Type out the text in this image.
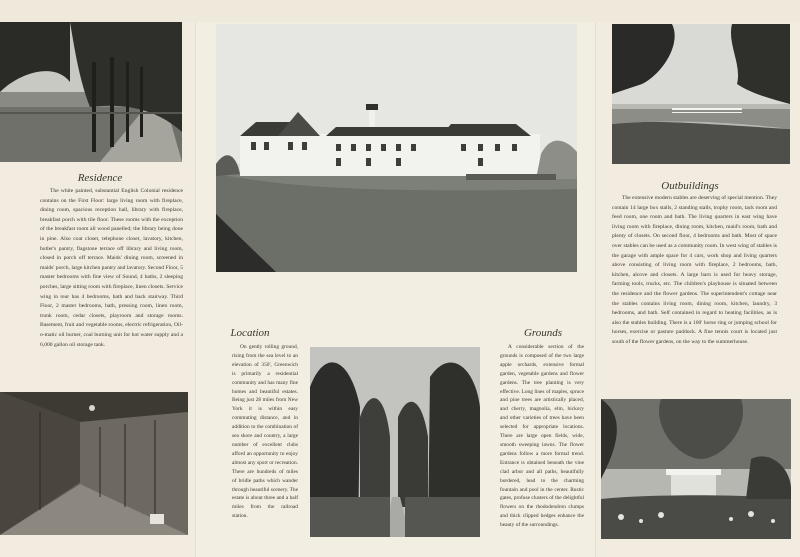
Residence

The white painted, substantial English Colonial residence contains on the First Floor: large living room with fireplace, dining room, spacious reception hall, library with fireplace, breakfast porch with tile floor. These rooms with the exception of the breakfast room all wood panelled; the library being done in pine. Also coat closet, telephone closet, lavatory, kitchen, butler's pantry, flagstone terrace off library and living room, closed in porch off terrace. Maids' dining room, screened in maids' porch, large kitchen pantry and lavatory. Second Floor, 5 master bedrooms with fine view of Sound, 4 baths, 2 sleeping porches, large sitting room with fireplace, linen closets. Service wing in rear has 4 bedrooms, bath and back stairway. Third Floor, 2 master bedrooms, bath, pressing room, linen room, trunk room, cedar closets, playroom and storage rooms. Basement, fruit and vegetable rooms, electric refrigeration, Oil-o-matic oil burner, coal burning unit for hot water supply and a 6,000 gallon oil storage tank.

Location

On gently rolling ground, rising from the sea level to an elevation of 350', Greenwich is primarily a residential community and has many fine homes and beautiful estates. Being just 28 miles from New York it is within easy commuting distance, and in addition to the combination of sea shore and country, a large number of excellent clubs afford an opportunity to enjoy almost any sport or recreation. There are hundreds of miles of bridle paths which wander through beautiful scenery. The estate is about three and a half miles from the railroad station.

Grounds

A considerable section of the grounds is composed of the two large apple orchards, extensive formal garden, vegetable gardens and flower gardens. The tree planting is very effective. Long lines of maples, spruce and pine trees are artistically placed, and cherry, magnolia, elm, hickory and other varieties of trees have been selected for appropriate locations. There are large open fields, wide, smooth sweeping lawns. The flower gardens follow a more formal trend. Entrance is obtained beneath the vine clad arbor and all paths, beautifully bordered, lead to the charming fountain and pool in the center. Rustic gates, profuse clusters of the delightful flowers on the rhododendron clumps and thick clipped hedges enhance the beauty of the surroundings.

Outbuildings

The extensive modern stables are deserving of special mention. They contain 14 large box stalls, 2 standing stalls, trophy room, tack room and feed room, one room and bath. The living quarters in east wing have living room with fireplace, dining room, kitchen, maid's room, bath and plenty of closets. On second floor, 4 bedrooms and bath. Most of space over stables can be used as a community room. In west wing of stables is the garage with ample space for 4 cars, work shop and living quarters above consisting of living room with fireplace, 2 bedrooms, bath, kitchen, alcove and closets. A large barn is used for heavy storage, farming tools, trucks, etc. The children's playhouse is situated between the residence and the flower gardens. The superintendent's cottage near the stables contains living room, dining room, kitchen, laundry, 3 bedrooms, and bath. Self contained in regard to heating facilities, as is also the stables building. There is a 100' horse ring or jumping school for horses, exercise or pasture paddock. A fine tennis court is located just south of the flower gardens, on the way to the summerhouse.
